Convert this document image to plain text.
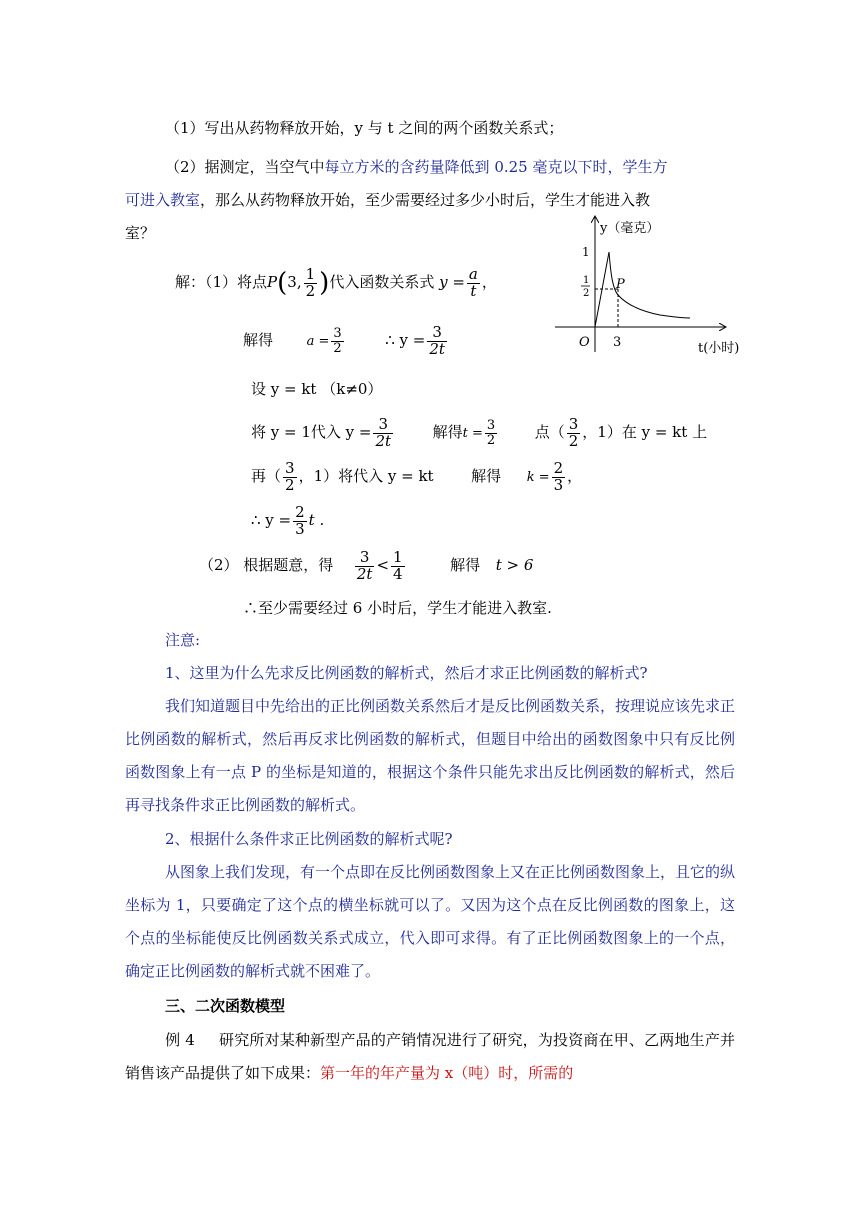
（1）写出从药物释放开始，y 与 t 之间的两个函数关系式；
（2）据测定，当空气中每立方米的含药量降低到 0.25 毫克以下时，学生方
可进入教室，那么从药物释放开始，至少需要经过多少小时后，学生才能进入教
室？	y（毫克）
1
1
2
P
O 3	t(小时)
解：（1）将点P(3, $\frac{1}{2}$ )代入函数关系式 $y = \frac{a}{t}$ ，
解得	$a = \frac{3}{2}$	∴ $y = \frac{3}{2t}$
设 y = kt （k≠0）
将 y = 1代入 $y = \frac{3}{2t}$	解得$t = \frac{3}{2}$	点（ $\frac{3}{2}$ ，1）在 y = kt 上
再（ $\frac{3}{2}$ ，1）将代入 y = kt	解得 $k = \frac{2}{3}$ ，
∴ $y = \frac{2}{3}$ t .
（2） 根据题意，得 $\frac{3}{2t} < \frac{1}{4}$	解得 t > 6
∴至少需要经过 6 小时后，学生才能进入教室.
注意:
1、这里为什么先求反比例函数的解析式，然后才求正比例函数的解析式?
我们知道题目中先给出的正比例函数关系然后才是反比例函数关系，按理说应该先求正比例函数的解析式，然后再反求比例函数的解析式，但题目中给出的函数图象中只有反比例函数图象上有一点 P 的坐标是知道的，根据这个条件只能先求出反比例函数的解析式，然后再寻找条件求正比例函数的解析式。
2、根据什么条件求正比例函数的解析式呢?
从图象上我们发现，有一个点即在反比例函数图象上又在正比例函数图象上，且它的纵坐标为 1，只要确定了这个点的横坐标就可以了。又因为这个点在反比例函数的图象上，这个点的坐标能使反比例函数关系式成立，代入即可求得。有了正比例函数图象上的一个点，确定正比例函数的解析式就不困难了。
三、二次函数模型
例 4 研究所对某种新型产品的产销情况进行了研究，为投资商在甲、乙两地生产并销售该产品提供了如下成果：第一年的年产量为 x（吨）时，所需的
